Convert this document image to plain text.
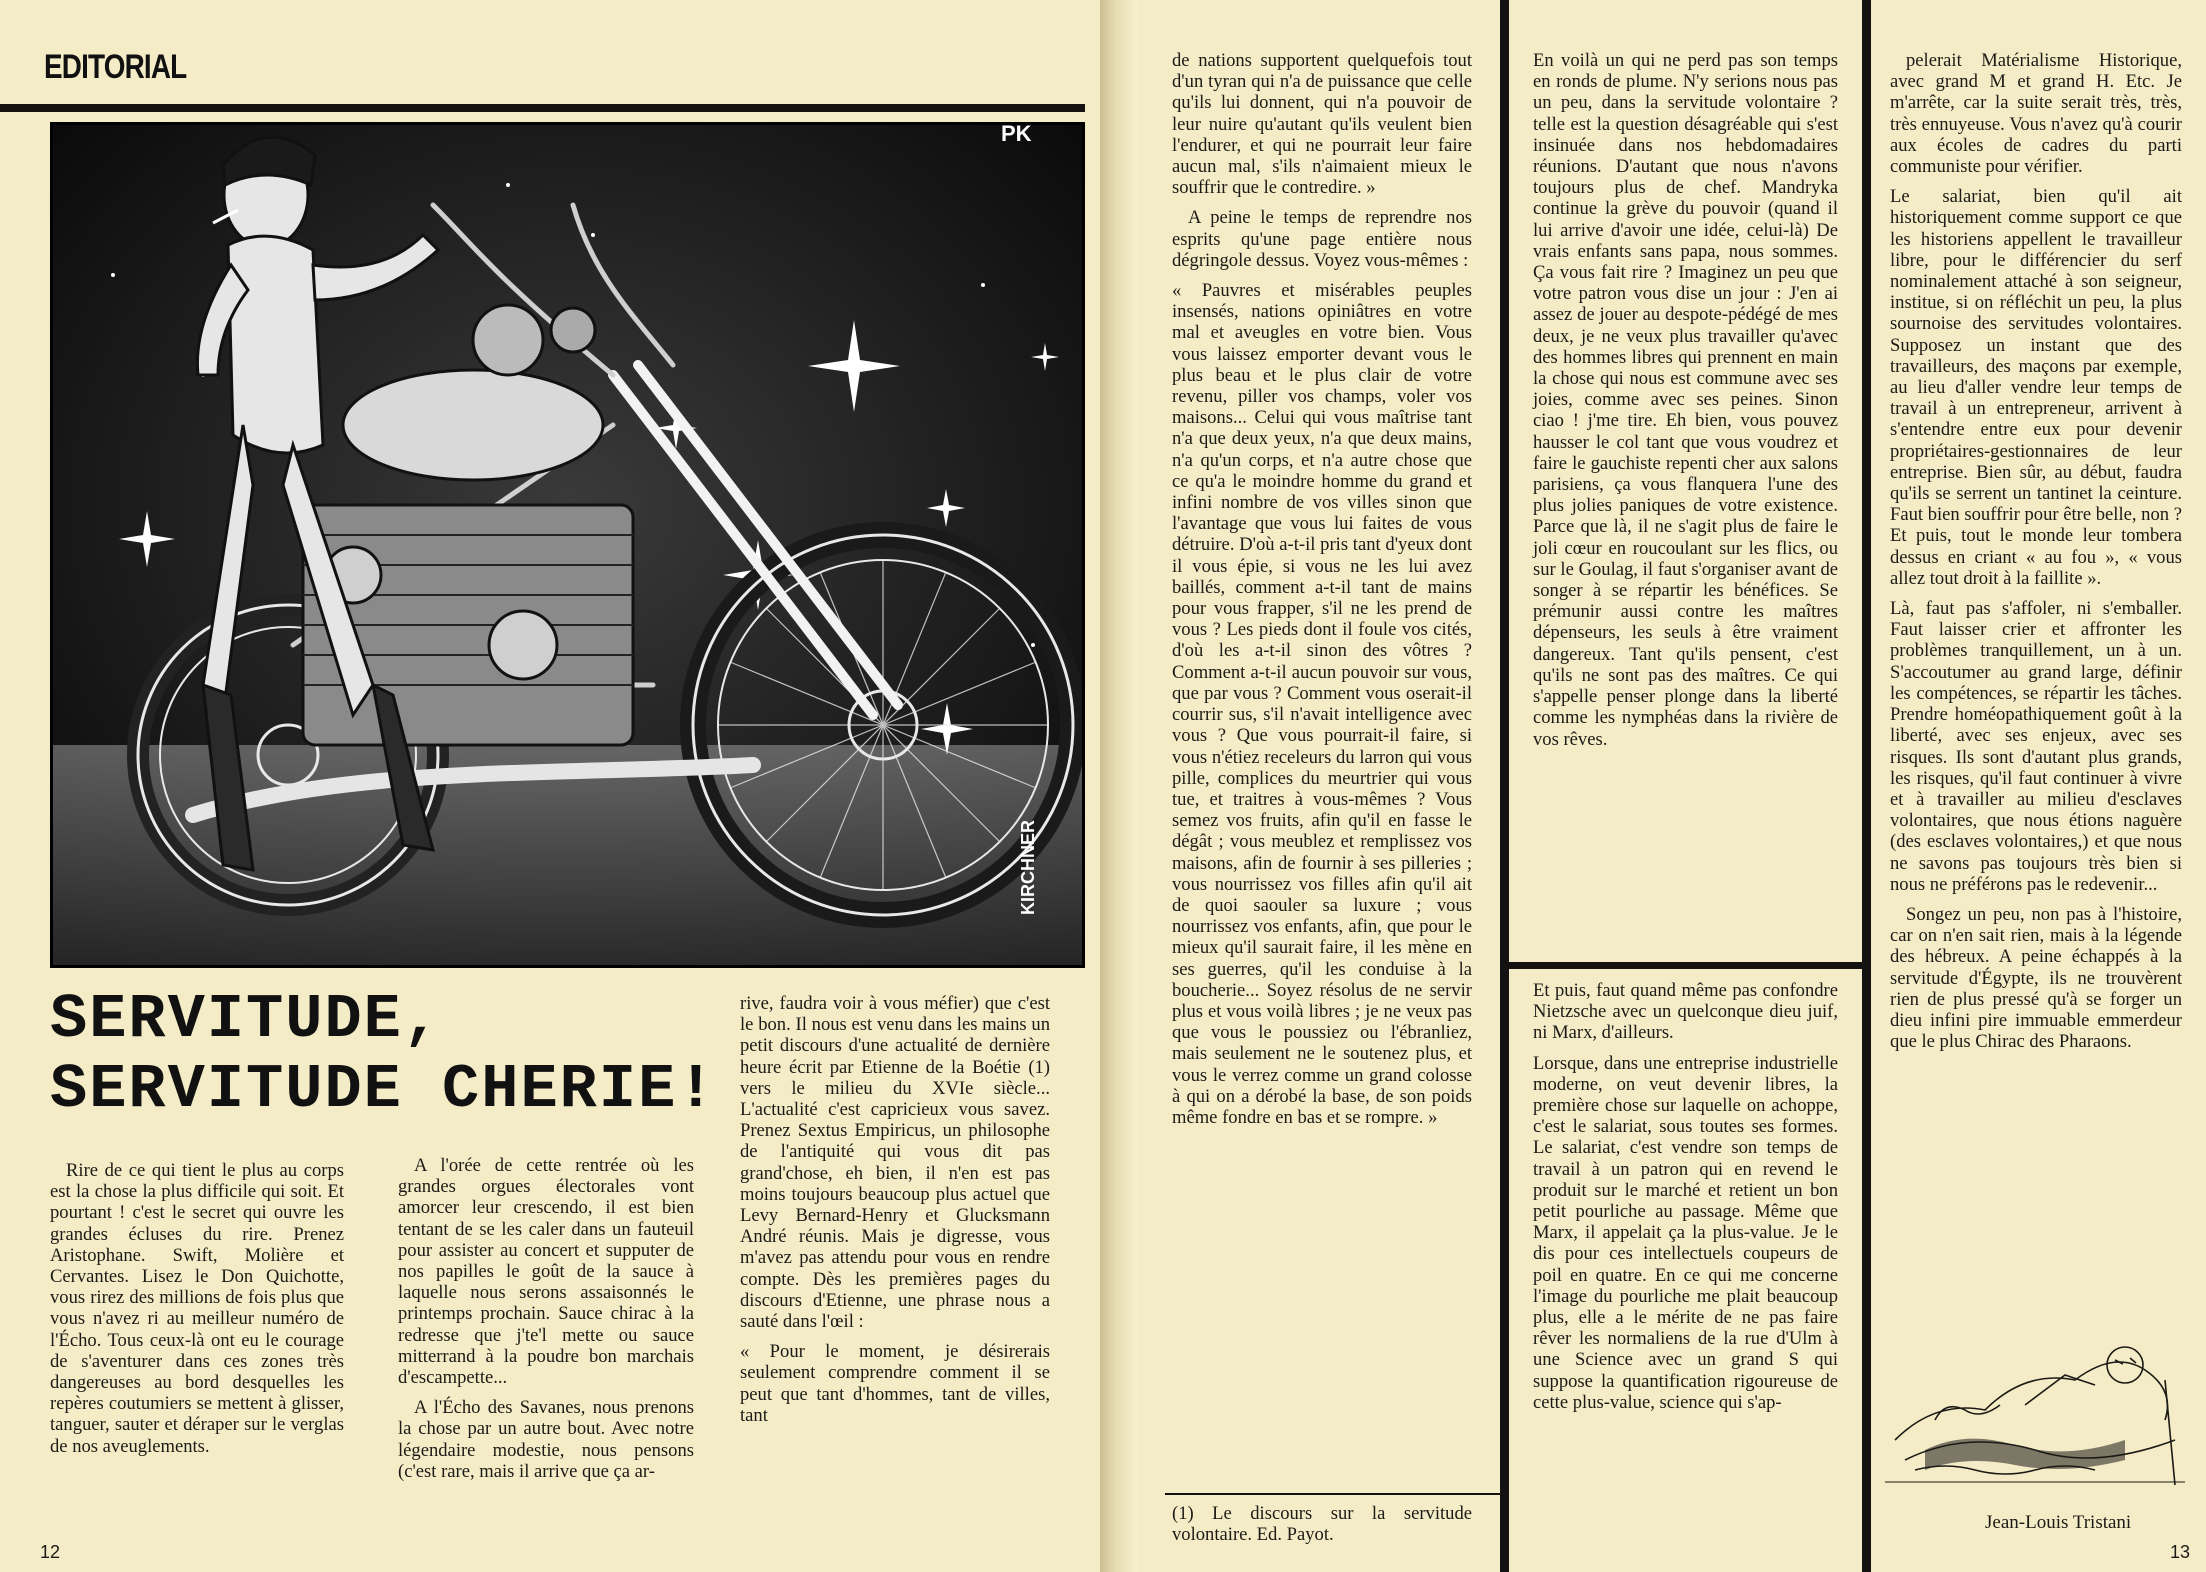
EDITORIAL
PK
KIRCHNER
SERVITUDE,
SERVITUDE CHERIE!

Rire de ce qui tient le plus au corps est la chose la plus difficile qui soit. Et pourtant ! c'est le secret qui ouvre les grandes écluses du rire. Prenez Aristophane. Swift, Molière et Cervantes. Lisez le Don Quichotte, vous rirez des millions de fois plus que vous n'avez ri au meilleur numéro de l'Écho. Tous ceux-là ont eu le courage de s'aventurer dans ces zones très dangereuses au bord desquelles les repères coutumiers se mettent à glisser, tanguer, sauter et déraper sur le verglas de nos aveuglements.

A l'orée de cette rentrée où les grandes orgues électorales vont amorcer leur crescendo, il est bien tentant de se les caler dans un fauteuil pour assister au concert et supputer de nos papilles le goût de la sauce à laquelle nous serons assaisonnés le printemps prochain. Sauce chirac à la redresse que j'te'l mette ou sauce mitterrand à la poudre bon marchais d'escampette...

A l'Écho des Savanes, nous prenons la chose par un autre bout. Avec notre légendaire modestie, nous pensons (c'est rare, mais il arrive que ça ar-

rive, faudra voir à vous méfier) que c'est le bon. Il nous est venu dans les mains un petit discours d'une actualité de dernière heure écrit par Etienne de la Boétie (1) vers le milieu du XVIe siècle... L'actualité c'est capricieux vous savez. Prenez Sextus Empiricus, un philosophe de l'antiquité qui vous dit pas grand'chose, eh bien, il n'en est pas moins toujours beaucoup plus actuel que Levy Bernard-Henry et Glucksmann André réunis. Mais je digresse, vous m'avez pas attendu pour vous en rendre compte. Dès les premières pages du discours d'Etienne, une phrase nous a sauté dans l'œil :

« Pour le moment, je désirerais seulement comprendre comment il se peut que tant d'hommes, tant de villes, tant

12

de nations supportent quelquefois tout d'un tyran qui n'a de puissance que celle qu'ils lui donnent, qui n'a pouvoir de leur nuire qu'autant qu'ils veulent bien l'endurer, et qui ne pourrait leur faire aucun mal, s'ils n'aimaient mieux le souffrir que le contredire. »

A peine le temps de reprendre nos esprits qu'une page entière nous dégringole dessus. Voyez vous-mêmes :

« Pauvres et misérables peuples insensés, nations opiniâtres en votre mal et aveugles en votre bien. Vous vous laissez emporter devant vous le plus beau et le plus clair de votre revenu, piller vos champs, voler vos maisons... Celui qui vous maîtrise tant n'a que deux yeux, n'a que deux mains, n'a qu'un corps, et n'a autre chose que ce qu'a le moindre homme du grand et infini nombre de vos villes sinon que l'avantage que vous lui faites de vous détruire. D'où a-t-il pris tant d'yeux dont il vous épie, si vous ne les lui avez baillés, comment a-t-il tant de mains pour vous frapper, s'il ne les prend de vous ? Les pieds dont il foule vos cités, d'où les a-t-il sinon des vôtres ? Comment a-t-il aucun pouvoir sur vous, que par vous ? Comment vous oserait-il courrir sus, s'il n'avait intelligence avec vous ? Que vous pourrait-il faire, si vous n'étiez receleurs du larron qui vous pille, complices du meurtrier qui vous tue, et traitres à vous-mêmes ? Vous semez vos fruits, afin qu'il en fasse le dégât ; vous meublez et remplissez vos maisons, afin de fournir à ses pilleries ; vous nourrissez vos filles afin qu'il ait de quoi saouler sa luxure ; vous nourrissez vos enfants, afin, que pour le mieux qu'il saurait faire, il les mène en ses guerres, qu'il les conduise à la boucherie... Soyez résolus de ne servir plus et vous voilà libres ; je ne veux pas que vous le poussiez ou l'ébranliez, mais seulement ne le soutenez plus, et vous le verrez comme un grand colosse à qui on a dérobé la base, de son poids même fondre en bas et se rompre. »

(1) Le discours sur la servitude volontaire. Ed. Payot.

En voilà un qui ne perd pas son temps en ronds de plume. N'y serions nous pas un peu, dans la servitude volontaire ? telle est la question désagréable qui s'est insinuée dans nos hebdomadaires réunions. D'autant que nous n'avons toujours plus de chef. Mandryka continue la grève du pouvoir (quand il lui arrive d'avoir une idée, celui-là) De vrais enfants sans papa, nous sommes. Ça vous fait rire ? Imaginez un peu que votre patron vous dise un jour : J'en ai assez de jouer au despote-pédégé de mes deux, je ne veux plus travailler qu'avec des hommes libres qui prennent en main la chose qui nous est commune avec ses joies, comme avec ses peines. Sinon ciao ! j'me tire. Eh bien, vous pouvez hausser le col tant que vous voudrez et faire le gauchiste repenti cher aux salons parisiens, ça vous flanquera l'une des plus jolies paniques de votre existence. Parce que là, il ne s'agit plus de faire le joli cœur en roucoulant sur les flics, ou sur le Goulag, il faut s'organiser avant de songer à se répartir les bénéfices. Se prémunir aussi contre les maîtres dépenseurs, les seuls à être vraiment dangereux. Tant qu'ils pensent, c'est qu'ils ne sont pas des maîtres. Ce qui s'appelle penser plonge dans la liberté comme les nymphéas dans la rivière de vos rêves.

Et puis, faut quand même pas confondre Nietzsche avec un quelconque dieu juif, ni Marx, d'ailleurs.

Lorsque, dans une entreprise industrielle moderne, on veut devenir libres, la première chose sur laquelle on achoppe, c'est le salariat, sous toutes ses formes. Le salariat, c'est vendre son temps de travail à un patron qui en revend le produit sur le marché et retient un bon petit pourliche au passage. Même que Marx, il appelait ça la plus-value. Je le dis pour ces intellectuels coupeurs de poil en quatre. En ce qui me concerne l'image du pourliche me plait beaucoup plus, elle a le mérite de ne pas faire rêver les normaliens de la rue d'Ulm à une Science avec un grand S qui suppose la quantification rigoureuse de cette plus-value, science qui s'ap-

pelerait Matérialisme Historique, avec grand M et grand H. Etc. Je m'arrête, car la suite serait très, très, très ennuyeuse. Vous n'avez qu'à courir aux écoles de cadres du parti communiste pour vérifier.

Le salariat, bien qu'il ait historiquement comme support ce que les historiens appellent le travailleur libre, pour le différencier du serf nominalement attaché à son seigneur, institue, si on réfléchit un peu, la plus sournoise des servitudes volontaires. Supposez un instant que des travailleurs, des maçons par exemple, au lieu d'aller vendre leur temps de travail à un entrepreneur, arrivent à s'entendre entre eux pour devenir propriétaires-gestionnaires de leur entreprise. Bien sûr, au début, faudra qu'ils se serrent un tantinet la ceinture. Faut bien souffrir pour être belle, non ? Et puis, tout le monde leur tombera dessus en criant « au fou », « vous allez tout droit à la faillite ».

Là, faut pas s'affoler, ni s'emballer. Faut laisser crier et affronter les problèmes tranquillement, un à un. S'accoutumer au grand large, définir les compétences, se répartir les tâches. Prendre homéopathiquement goût à la liberté, avec ses enjeux, avec ses risques. Ils sont d'autant plus grands, les risques, qu'il faut continuer à vivre et à travailler au milieu d'esclaves volontaires, que nous étions naguère (des esclaves volontaires,) et que nous ne savons pas toujours très bien si nous ne préférons pas le redevenir...

Songez un peu, non pas à l'histoire, car on n'en sait rien, mais à la légende des hébreux. A peine échappés à la servitude d'Égypte, ils ne trouvèrent rien de plus pressé qu'à se forger un dieu infini pire immuable emmerdeur que le plus Chirac des Pharaons.

Jean-Louis Tristani
13
